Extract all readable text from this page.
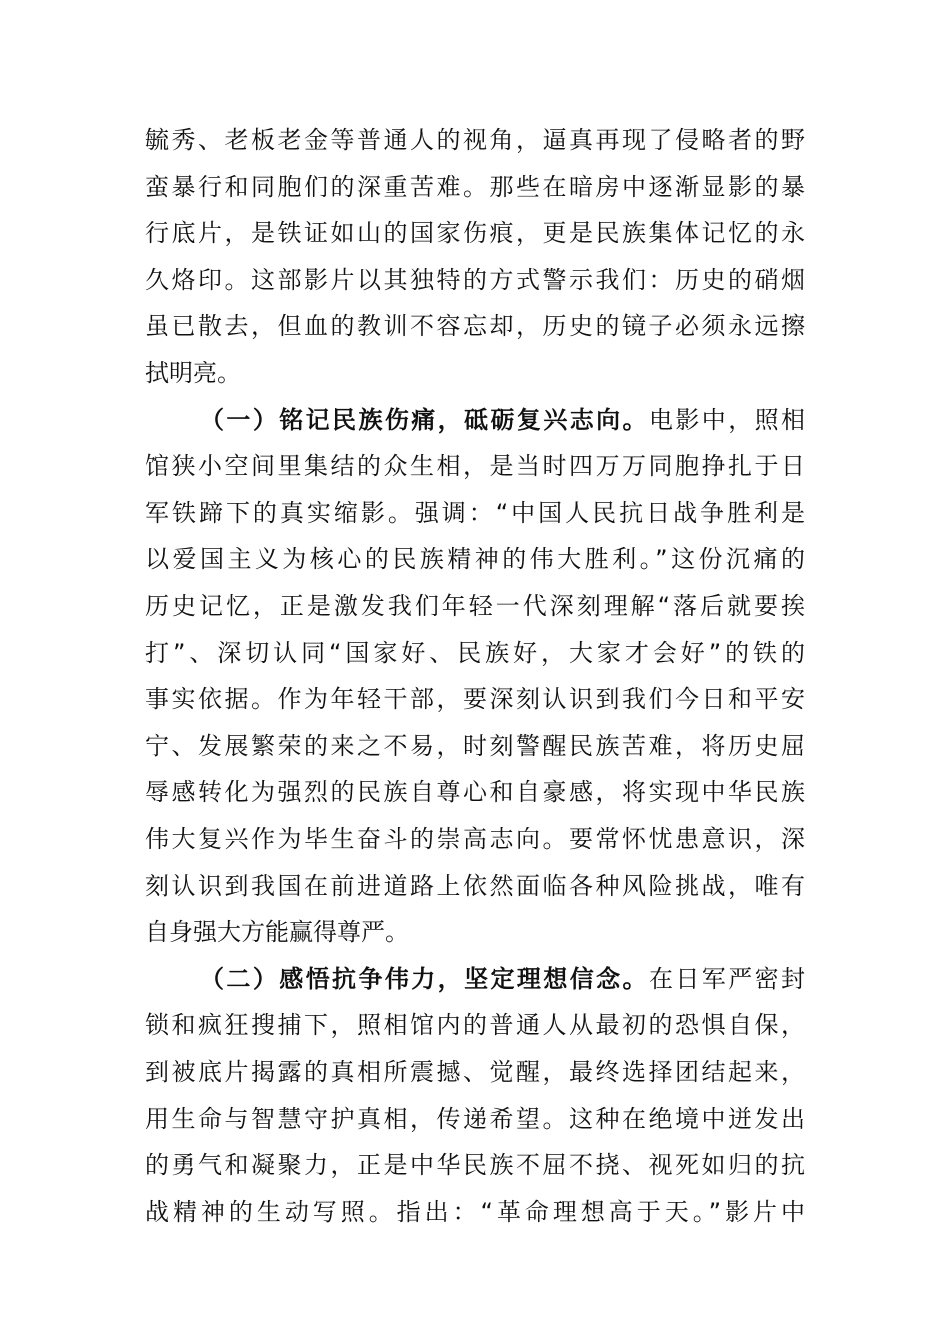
毓秀、老板老金等普通人的视角，逼真再现了侵略者的野
蛮暴行和同胞们的深重苦难。那些在暗房中逐渐显影的暴
行底片，是铁证如山的国家伤痕，更是民族集体记忆的永
久烙印。这部影片以其独特的方式警示我们：历史的硝烟
虽已散去，但血的教训不容忘却，历史的镜子必须永远擦
拭明亮。
（一）铭记民族伤痛，砥砺复兴志向。电影中，照相
馆狭小空间里集结的众生相，是当时四万万同胞挣扎于日
军铁蹄下的真实缩影。强调：“中国人民抗日战争胜利是
以爱国主义为核心的民族精神的伟大胜利。”这份沉痛的
历史记忆，正是激发我们年轻一代深刻理解“落后就要挨
打”、深切认同“国家好、民族好，大家才会好”的铁的
事实依据。作为年轻干部，要深刻认识到我们今日和平安
宁、发展繁荣的来之不易，时刻警醒民族苦难，将历史屈
辱感转化为强烈的民族自尊心和自豪感，将实现中华民族
伟大复兴作为毕生奋斗的崇高志向。要常怀忧患意识，深
刻认识到我国在前进道路上依然面临各种风险挑战，唯有
自身强大方能赢得尊严。
（二）感悟抗争伟力，坚定理想信念。在日军严密封
锁和疯狂搜捕下，照相馆内的普通人从最初的恐惧自保，
到被底片揭露的真相所震撼、觉醒，最终选择团结起来，
用生命与智慧守护真相，传递希望。这种在绝境中迸发出
的勇气和凝聚力，正是中华民族不屈不挠、视死如归的抗
战精神的生动写照。指出：“革命理想高于天。”影片中
